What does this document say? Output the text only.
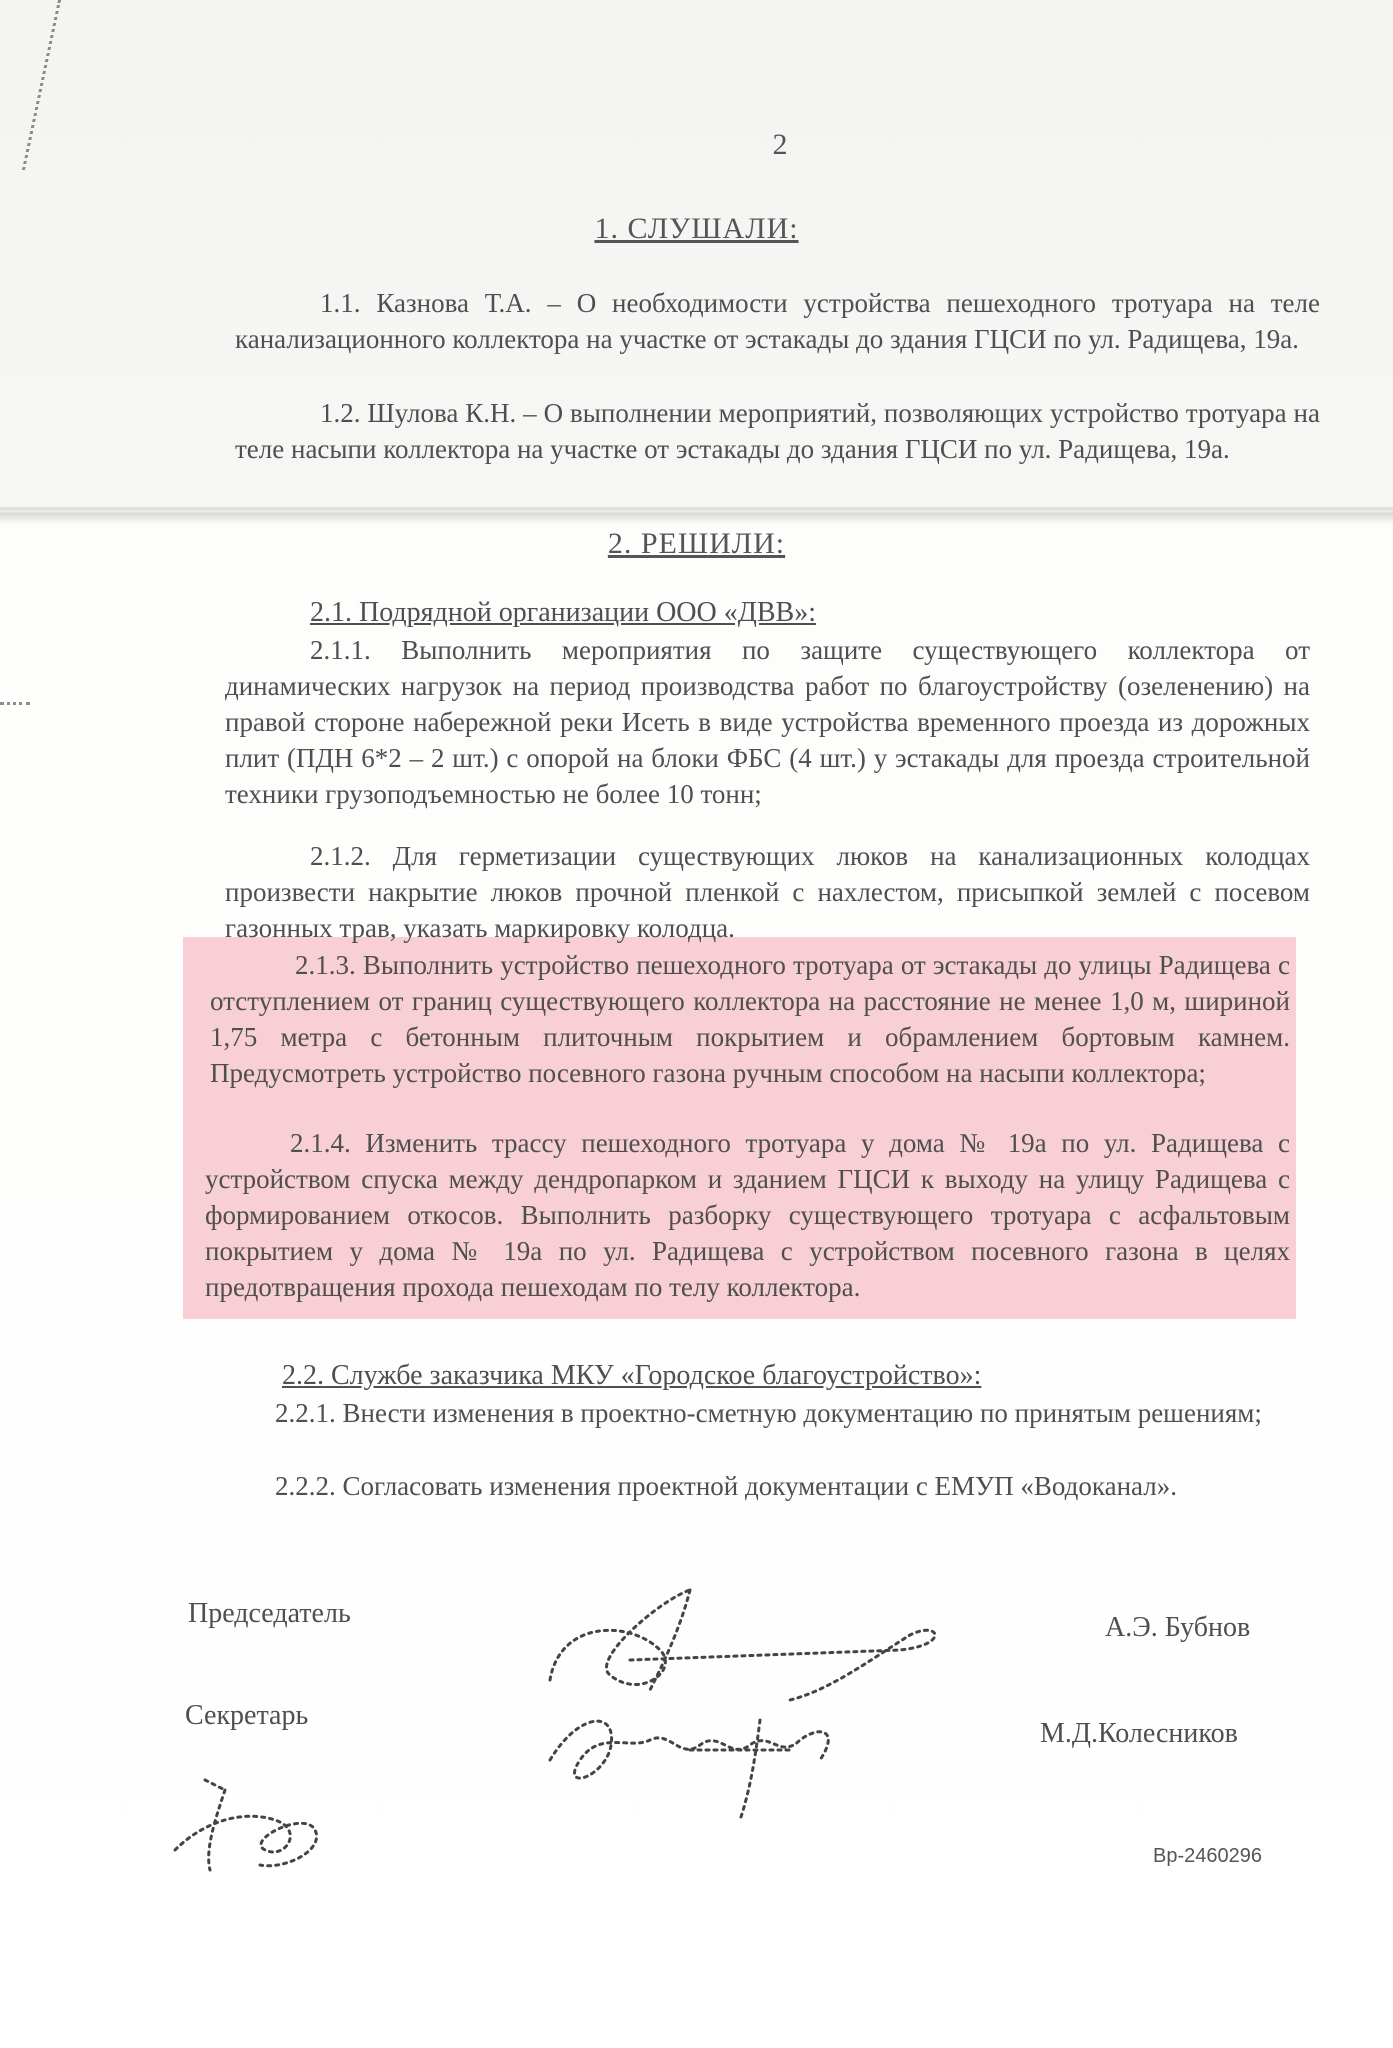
2
1. СЛУШАЛИ:
1.1. Казнова Т.А. – О необходимости устройства пешеходного тротуара на теле канализационного коллектора на участке от эстакады до здания ГЦСИ по ул. Радищева, 19а.
1.2. Шулова К.Н. – О выполнении мероприятий, позволяющих устройство тротуара на теле насыпи коллектора на участке от эстакады до здания ГЦСИ по ул. Радищева, 19а.
2. РЕШИЛИ:
2.1. Подрядной организации ООО «ДВВ»:
2.1.1. Выполнить мероприятия по защите существующего коллектора от динамических нагрузок на период производства работ по благоустройству (озеленению) на правой стороне набережной реки Исеть в виде устройства временного проезда из дорожных плит (ПДН 6*2 – 2 шт.) с опорой на блоки ФБС (4 шт.) у эстакады для проезда строительной техники грузоподъемностью не более 10 тонн;
2.1.2. Для герметизации существующих люков на канализационных колодцах произвести накрытие люков прочной пленкой с нахлестом, присыпкой землей с посевом газонных трав, указать маркировку колодца.
2.1.3. Выполнить устройство пешеходного тротуара от эстакады до улицы Радищева с отступлением от границ существующего коллектора на расстояние не менее 1,0 м, шириной 1,75 метра с бетонным плиточным покрытием и обрамлением бортовым камнем. Предусмотреть устройство посевного газона ручным способом на насыпи коллектора;
2.1.4. Изменить трассу пешеходного тротуара у дома № 19а по ул. Радищева с устройством спуска между дендропарком и зданием ГЦСИ к выходу на улицу Радищева с формированием откосов. Выполнить разборку существующего тротуара с асфальтовым покрытием у дома № 19а по ул. Радищева с устройством посевного газона в целях предотвращения прохода пешеходам по телу коллектора.
2.2. Службе заказчика МКУ «Городское благоустройство»:
2.2.1. Внести изменения в проектно-сметную документацию по принятым решениям;
2.2.2. Согласовать изменения проектной документации с ЕМУП «Водоканал».
Председатель	А.Э. Бубнов
Секретарь
М.Д.Колесников
Вр-2460296
